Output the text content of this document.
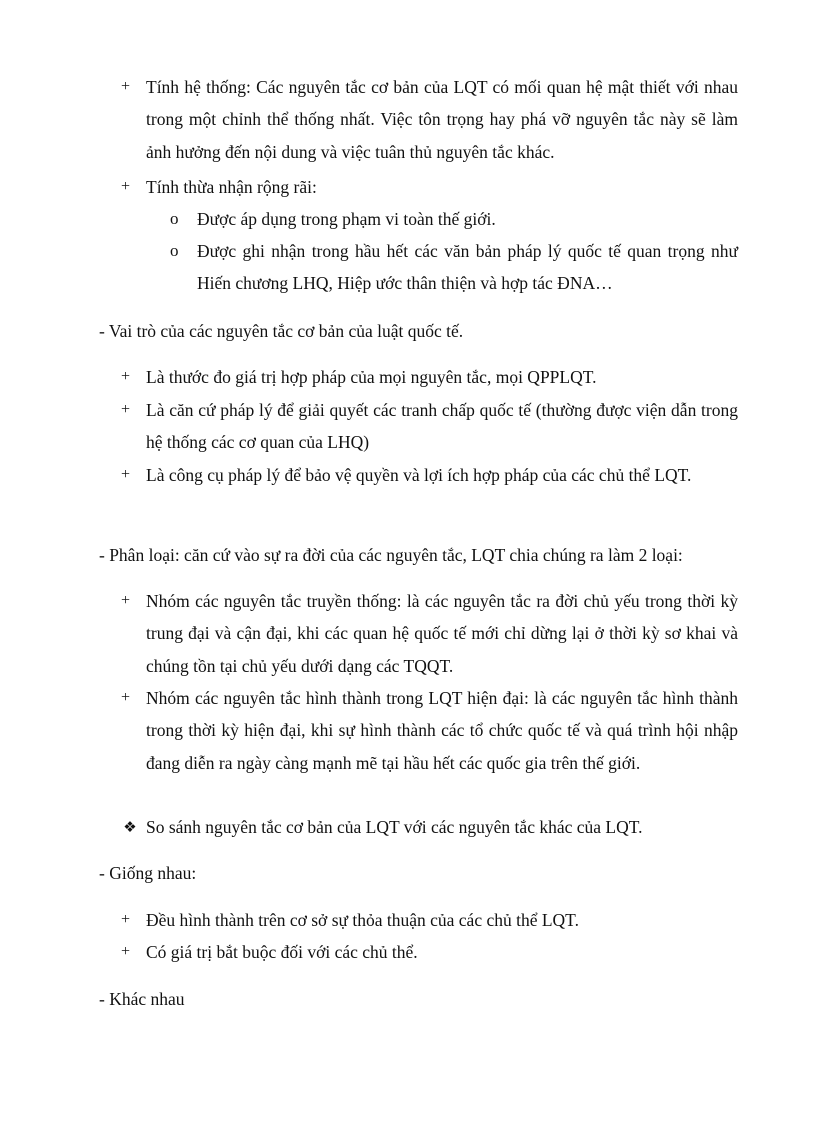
+ Tính hệ thống: Các nguyên tắc cơ bản của LQT có mối quan hệ mật thiết với nhau trong một chỉnh thể thống nhất. Việc tôn trọng hay phá vỡ nguyên tắc này sẽ làm ảnh hưởng đến nội dung và việc tuân thủ nguyên tắc khác.
+ Tính thừa nhận rộng rãi:
o	Được áp dụng trong phạm vi toàn thế giới.
o	Được ghi nhận trong hầu hết các văn bản pháp lý quốc tế quan trọng như Hiến chương LHQ, Hiệp ước thân thiện và hợp tác ĐNA…
- Vai trò của các nguyên tắc cơ bản của luật quốc tế.
+ Là thước đo giá trị hợp pháp của mọi nguyên tắc, mọi QPPLQT.
+ Là căn cứ pháp lý để giải quyết các tranh chấp quốc tế (thường được viện dẫn trong hệ thống các cơ quan của LHQ)
+ Là công cụ pháp lý để bảo vệ quyền và lợi ích hợp pháp của các chủ thể LQT.
- Phân loại: căn cứ vào sự ra đời của các nguyên tắc, LQT chia chúng ra làm 2 loại:
+ Nhóm các nguyên tắc truyền thống: là các nguyên tắc ra đời chủ yếu trong thời kỳ trung đại và cận đại, khi các quan hệ quốc tế mới chỉ dừng lại ở thời kỳ sơ khai và chúng tồn tại chủ yếu dưới dạng các TQQT.
+ Nhóm các nguyên tắc hình thành trong LQT hiện đại: là các nguyên tắc hình thành trong thời kỳ hiện đại, khi sự hình thành các tổ chức quốc tế và quá trình hội nhập đang diễn ra ngày càng mạnh mẽ tại hầu hết các quốc gia trên thế giới.
❖ So sánh nguyên tắc cơ bản của LQT với các nguyên tắc khác của LQT.
- Giống nhau:
+ Đều hình thành trên cơ sở sự thỏa thuận của các chủ thể LQT.
+ Có giá trị bắt buộc đối với các chủ thể.
- Khác nhau
